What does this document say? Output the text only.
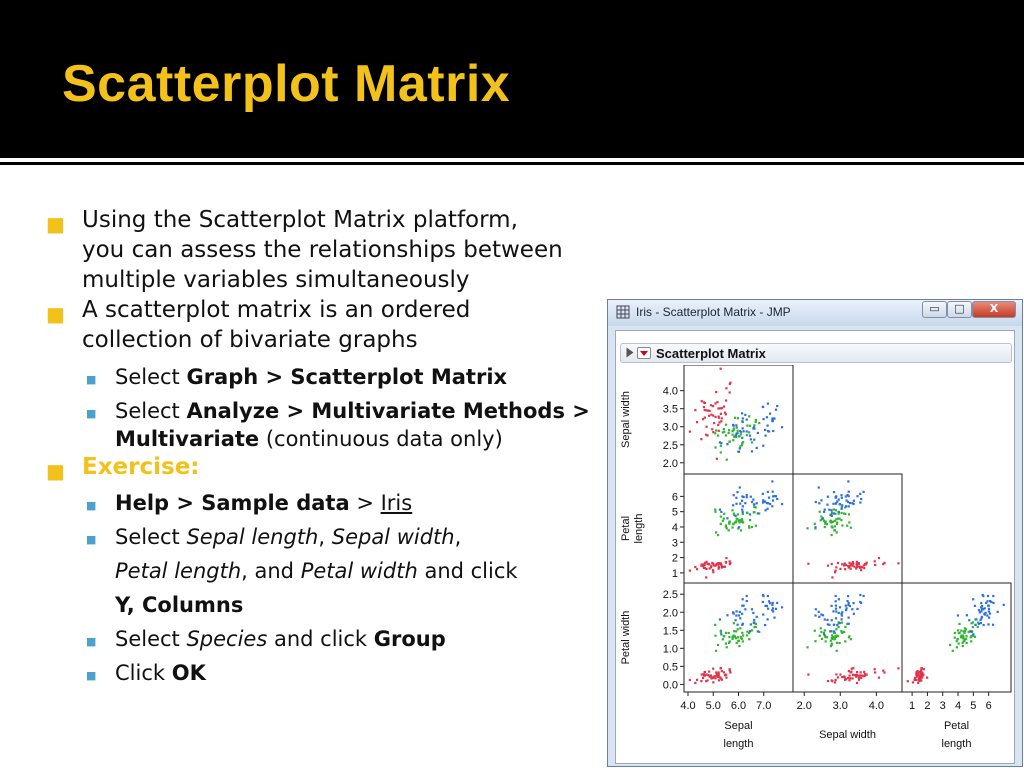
Scatterplot Matrix
■ Using the Scatterplot Matrix platform,
you can assess the relationships between
multiple variables simultaneously
■ A scatterplot matrix is an ordered
collection of bivariate graphs
■ Select Graph > Scatterplot Matrix
■ Select Analyze > Multivariate Methods >
Multivariate (continuous data only)
■ Exercise:
■ Help > Sample data > Iris
■ Select Sepal length, Sepal width,
Petal length, and Petal width and click
Y, Columns
■ Select Species and click Group
■ Click OK
Iris - Scatterplot Matrix - JMP	▭	□	X
Scatterplot Matrix
2.0
2.5
3.0
3.5
4.0
Sepal width
1
2
3
4
5
6
Petal length
0.0
0.5
1.0
1.5
2.0
2.5
Petal width
4.0 5.0 6.0 7.0
Sepal
length
2.0 3.0 4.0
Sepal width
1 2 3 4 5 6
Petal
length
